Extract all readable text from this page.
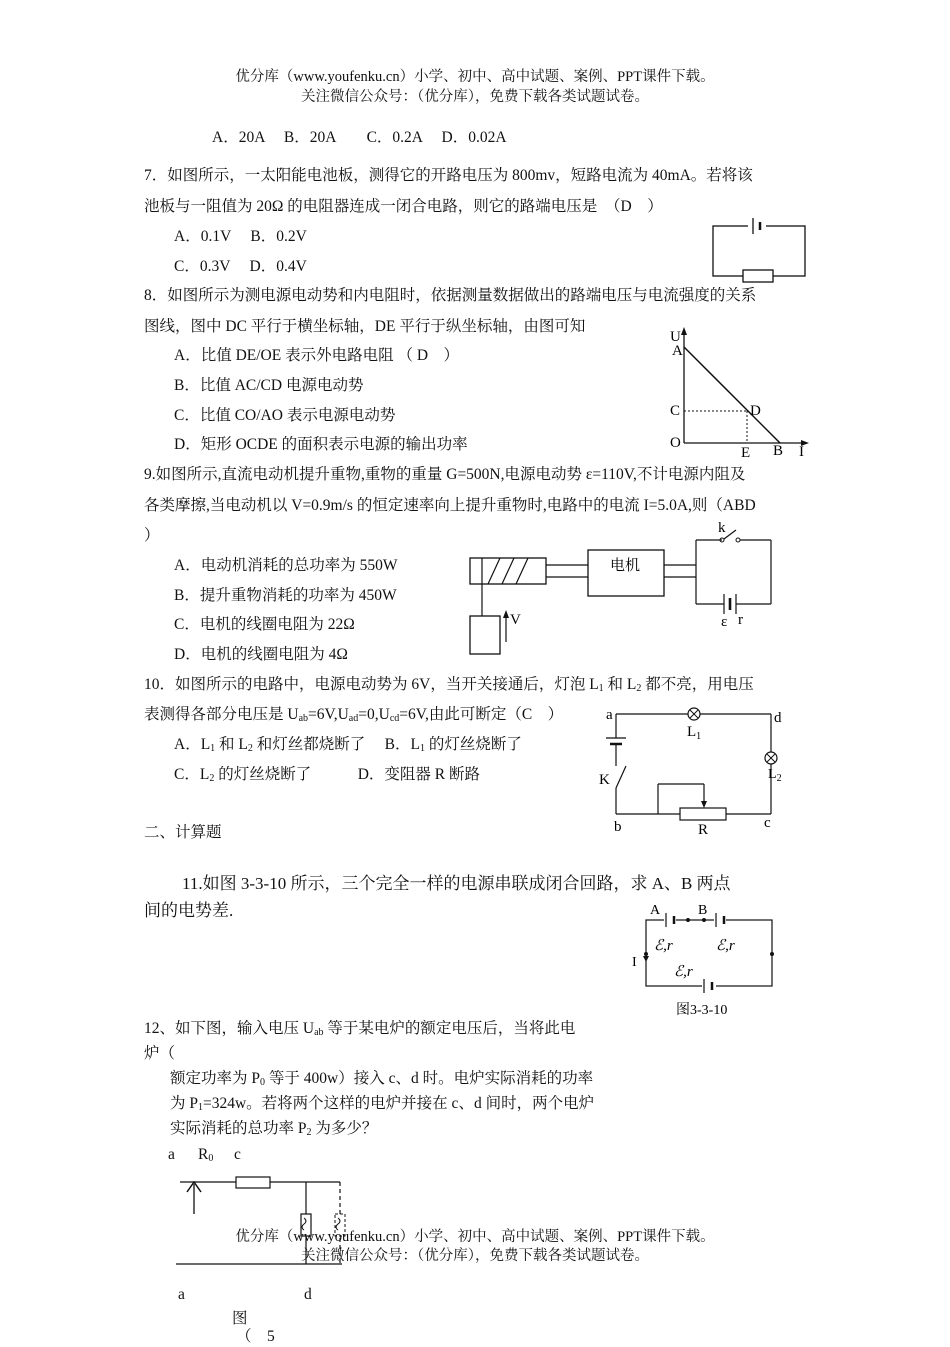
优分库（www.youfenku.cn）小学、初中、高中试题、案例、PPT课件下载。
关注微信公众号：（优分库），免费下载各类试题试卷。
A．20A　 B．20A　　C．0.2A　 D．0.02A
7．如图所示，一太阳能电池板，测得它的开路电压为 800mv，短路电流为 40mA。若将该
池板与一阻值为 20Ω 的电阻器连成一闭合电路，则它的路端电压是　（D　）
A．0.1V　 B．0.2V
C．0.3V　 D．0.4V
8．如图所示为测电源电动势和内电阻时，依据测量数据做出的路端电压与电流强度的关系
图线，图中 DC 平行于横坐标轴，DE 平行于纵坐标轴，由图可知
A．比值 DE/OE 表示外电路电阻 （ D　）
B．比值 AC/CD 电源电动势
C．比值 CO/AO 表示电源电动势
D．矩形 OCDE 的面积表示电源的输出功率
U
A
C	D
O
E B I
9.如图所示,直流电动机提升重物,重物的重量 G=500N,电源电动势 ε=110V,不计电源内阻及
各类摩擦,当电动机以 V=0.9m/s 的恒定速率向上提升重物时,电路中的电流 I=5.0A,则（ABD
）
A．电动机消耗的总功率为 550W
B．提升重物消耗的功率为 450W
C．电机的线圈电阻为 22Ω
D．电机的线圈电阻为 4Ω
电机
k
ε r
V
10．如图所示的电路中，电源电动势为 6V，当开关接通后，灯泡 $L_1$ 和 $L_2$ 都不亮，用电压
表测得各部分电压是 $U_{ab}=6V,U_{ad}=0,U_{cd}=6V$,由此可断定（C　）
A．$L_1$ 和 $L_2$ 和灯丝都烧断了　 B．$L_1$ 的灯丝烧断了
C．$L_2$ 的灯丝烧断了　　　D．变阻器 R 断路
a	d
b	c
$L_1$
$L_2$
K
R
二、计算题
11.如图 3-3-10 所示，三个完全一样的电源串联成闭合回路，求 A、B 两点
间的电势差.	A	B
I
ℰ,r	ℰ,r
ℰ,r
图3-3-10
12、如下图，输入电压 $U_{ab}$ 等于某电炉的额定电压后，当将此电
炉（
额定功率为 $P_0$ 等于 400w）接入 c、d 时。电炉实际消耗的功率
为 $P_1=324w$。若将两个这样的电炉并接在 c、d 间时，两个电炉
实际消耗的总功率 $P_2$ 为多少？
a $R_0$ c
a	d
图
（　5
优分库（www.youfenku.cn）小学、初中、高中试题、案例、PPT课件下载。
关注微信公众号：（优分库），免费下载各类试题试卷。
